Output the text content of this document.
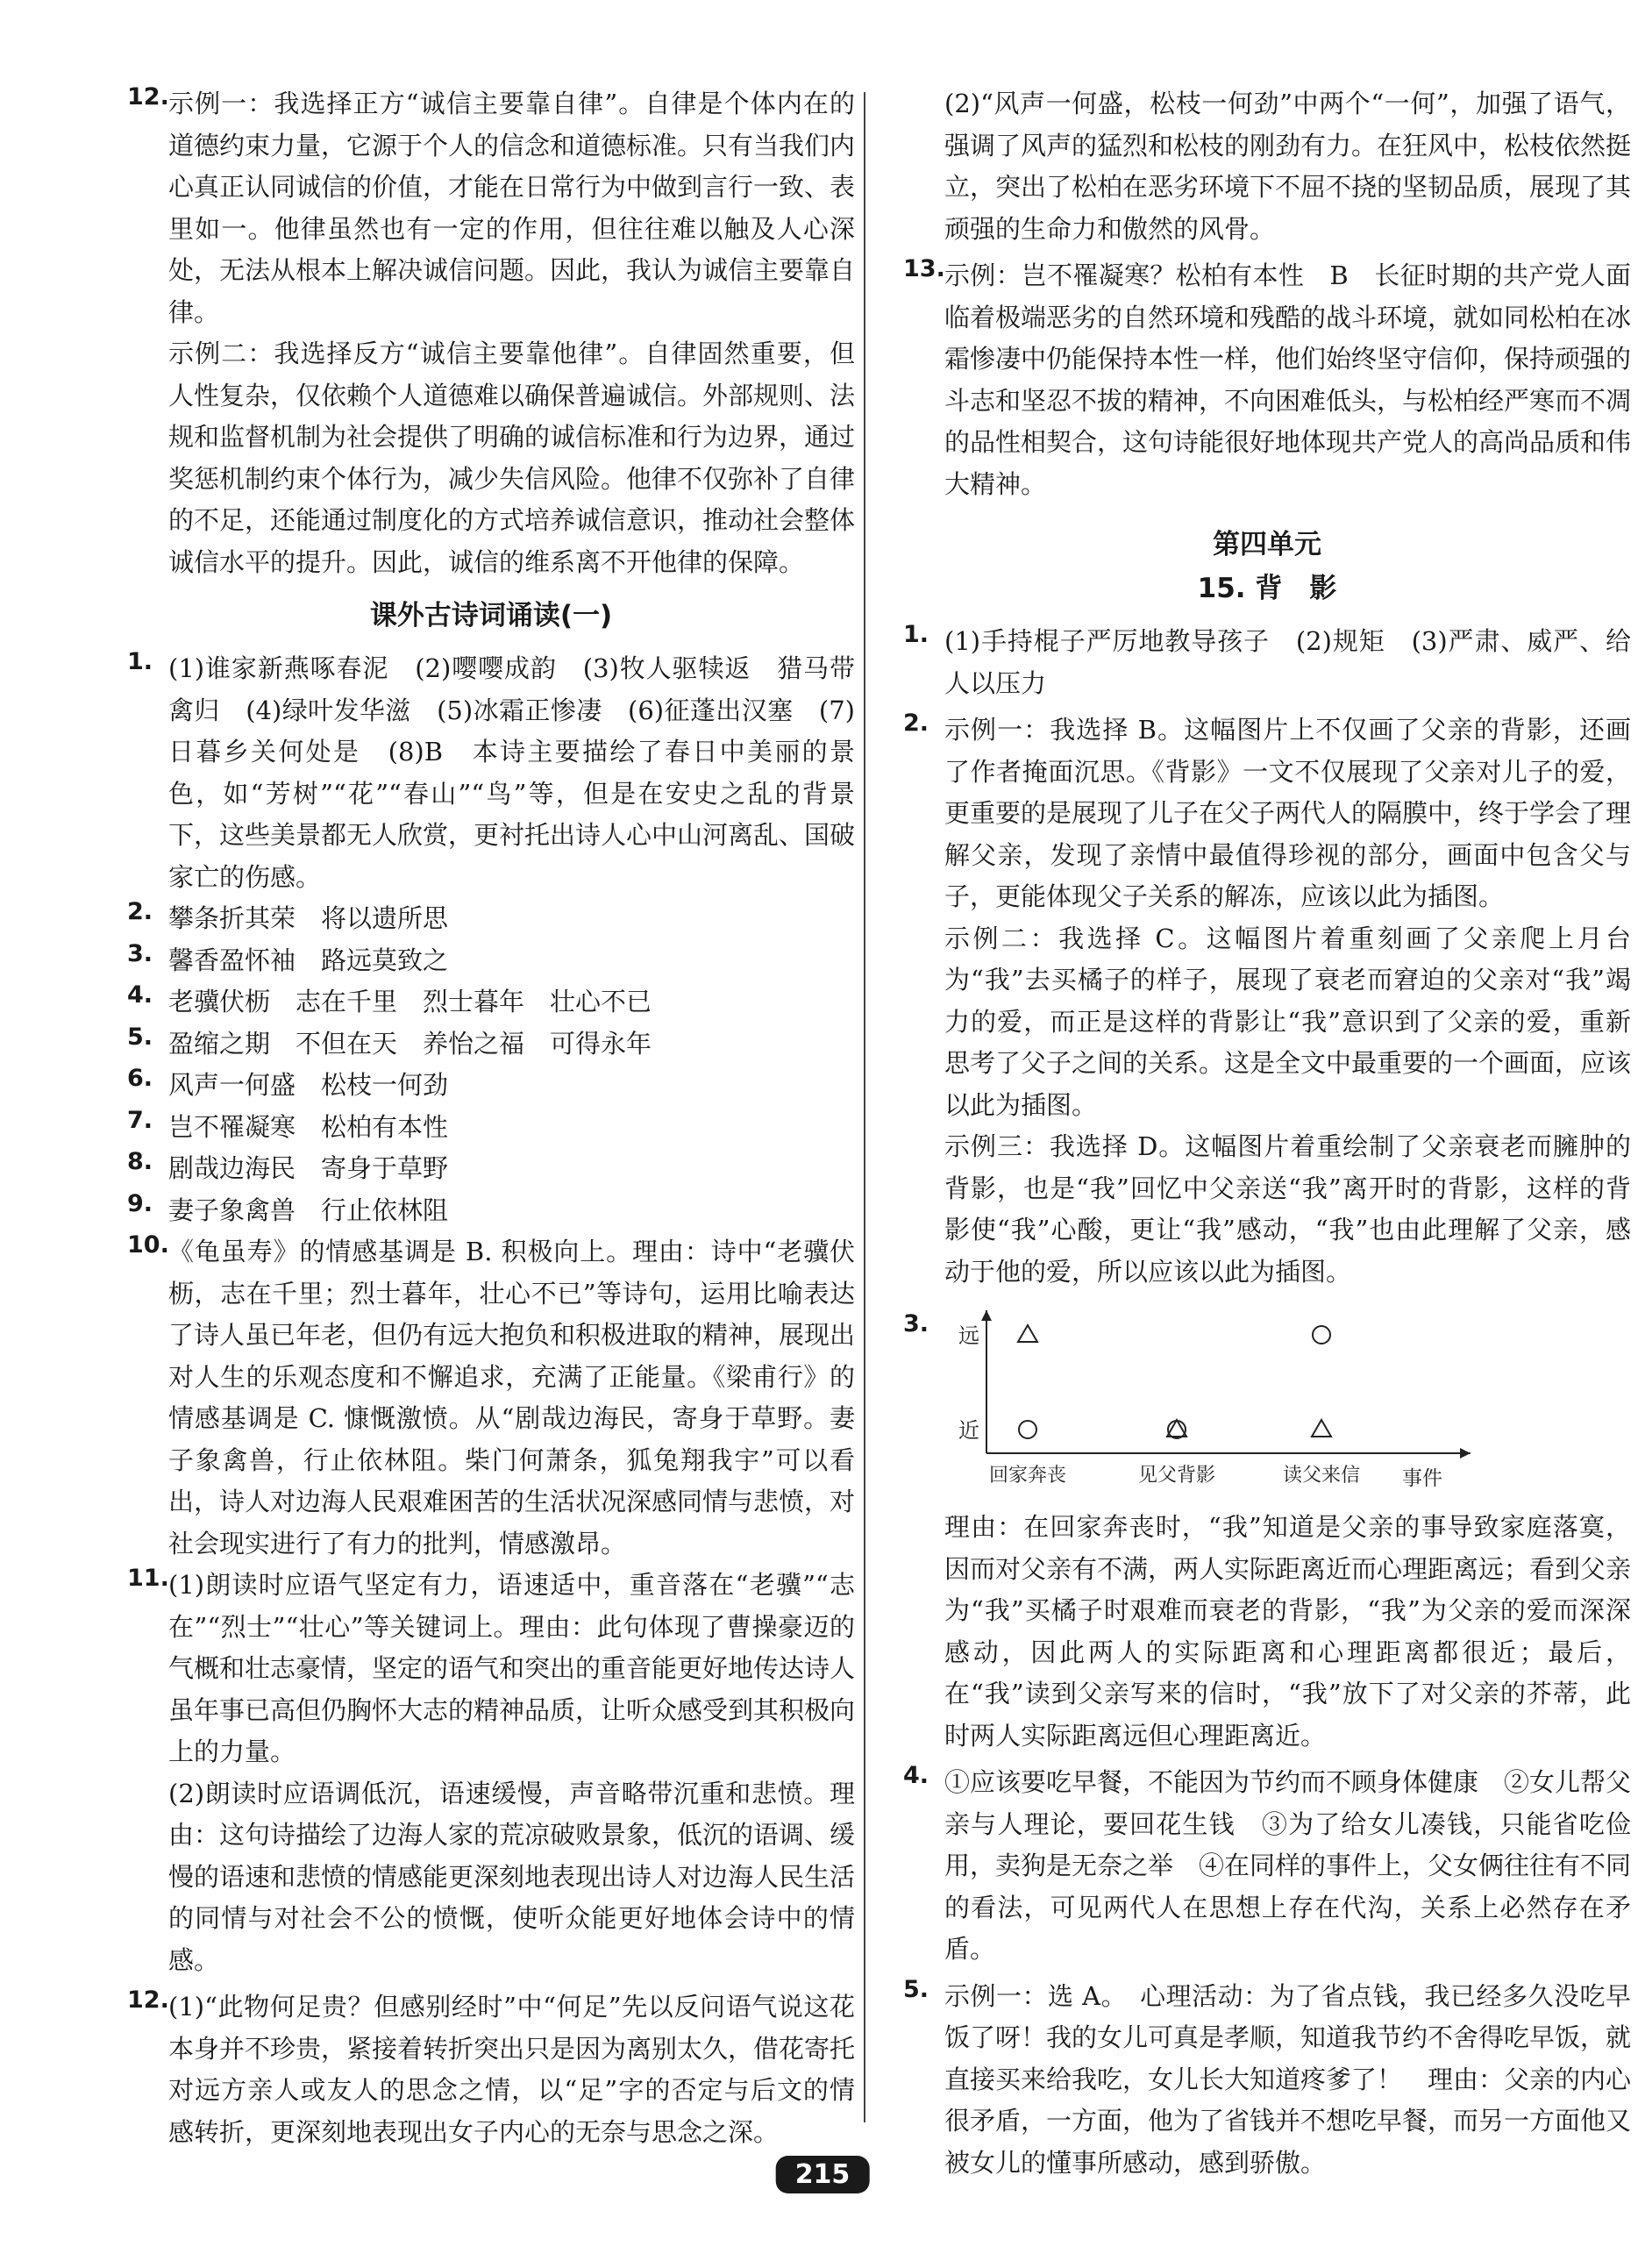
12. 示例一：我选择正方“诚信主要靠自律”。自律是个体内在的道德约束力量，它源于个人的信念和道德标准。只有当我们内心真正认同诚信的价值，才能在日常行为中做到言行一致、表里如一。他律虽然也有一定的作用，但往往难以触及人心深处，无法从根本上解决诚信问题。因此，我认为诚信主要靠自律。

示例二：我选择反方“诚信主要靠他律”。自律固然重要，但人性复杂，仅依赖个人道德难以确保普遍诚信。外部规则、法规和监督机制为社会提供了明确的诚信标准和行为边界，通过奖惩机制约束个体行为，减少失信风险。他律不仅弥补了自律的不足，还能通过制度化的方式培养诚信意识，推动社会整体诚信水平的提升。因此，诚信的维系离不开他律的保障。

课外古诗词诵读(一)
1. (1)谁家新燕啄春泥　(2)嘤嘤成韵　(3)牧人驱犊返　猎马带禽归　(4)绿叶发华滋　(5)冰霜正惨凄　(6)征蓬出汉塞　(7)日暮乡关何处是　(8)B　本诗主要描绘了春日中美丽的景色，如“芳树”“花”“春山”“鸟”等，但是在安史之乱的背景下，这些美景都无人欣赏，更衬托出诗人心中山河离乱、国破家亡的伤感。

2. 攀条折其荣　将以遗所思

3. 馨香盈怀袖　路远莫致之

4. 老骥伏枥　志在千里　烈士暮年　壮心不已

5. 盈缩之期　不但在天　养怡之福　可得永年

6. 风声一何盛　松枝一何劲

7. 岂不罹凝寒　松柏有本性

8. 剧哉边海民　寄身于草野

9. 妻子象禽兽　行止依林阻

10. 《龟虽寿》的情感基调是 B. 积极向上。理由：诗中“老骥伏枥，志在千里；烈士暮年，壮心不已”等诗句，运用比喻表达了诗人虽已年老，但仍有远大抱负和积极进取的精神，展现出对人生的乐观态度和不懈追求，充满了正能量。《梁甫行》的情感基调是 C. 慷慨激愤。从“剧哉边海民，寄身于草野。妻子象禽兽，行止依林阻。柴门何萧条，狐兔翔我宇”可以看出，诗人对边海人民艰难困苦的生活状况深感同情与悲愤，对社会现实进行了有力的批判，情感激昂。

11. (1)朗读时应语气坚定有力，语速适中，重音落在“老骥”“志在”“烈士”“壮心”等关键词上。理由：此句体现了曹操豪迈的气概和壮志豪情，坚定的语气和突出的重音能更好地传达诗人虽年事已高但仍胸怀大志的精神品质，让听众感受到其积极向上的力量。

(2)朗读时应语调低沉，语速缓慢，声音略带沉重和悲愤。理由：这句诗描绘了边海人家的荒凉破败景象，低沉的语调、缓慢的语速和悲愤的情感能更深刻地表现出诗人对边海人民生活的同情与对社会不公的愤慨，使听众能更好地体会诗中的情感。

12. (1)“此物何足贵？但感别经时”中“何足”先以反问语气说这花本身并不珍贵，紧接着转折突出只是因为离别太久，借花寄托对远方亲人或友人的思念之情，以“足”字的否定与后文的情感转折，更深刻地表现出女子内心的无奈与思念之深。

(2)“风声一何盛，松枝一何劲”中两个“一何”，加强了语气，强调了风声的猛烈和松枝的刚劲有力。在狂风中，松枝依然挺立，突出了松柏在恶劣环境下不屈不挠的坚韧品质，展现了其顽强的生命力和傲然的风骨。

13. 示例：岂不罹凝寒？松柏有本性　B　长征时期的共产党人面临着极端恶劣的自然环境和残酷的战斗环境，就如同松柏在冰霜惨凄中仍能保持本性一样，他们始终坚守信仰，保持顽强的斗志和坚忍不拔的精神，不向困难低头，与松柏经严寒而不凋的品性相契合，这句诗能很好地体现共产党人的高尚品质和伟大精神。

第四单元
15. 背　影
1. (1)手持棍子严厉地教导孩子　(2)规矩　(3)严肃、威严、给人以压力

2. 示例一：我选择 B。这幅图片上不仅画了父亲的背影，还画了作者掩面沉思。《背影》一文不仅展现了父亲对儿子的爱，更重要的是展现了儿子在父子两代人的隔膜中，终于学会了理解父亲，发现了亲情中最值得珍视的部分，画面中包含父与子，更能体现父子关系的解冻，应该以此为插图。

示例二：我选择 C。这幅图片着重刻画了父亲爬上月台为“我”去买橘子的样子，展现了衰老而窘迫的父亲对“我”竭力的爱，而正是这样的背影让“我”意识到了父亲的爱，重新思考了父子之间的关系。这是全文中最重要的一个画面，应该以此为插图。

示例三：我选择 D。这幅图片着重绘制了父亲衰老而臃肿的背影，也是“我”回忆中父亲送“我”离开时的背影，这样的背影使“我”心酸，更让“我”感动，“我”也由此理解了父亲，感动于他的爱，所以应该以此为插图。

3.
近
远
回家奔丧	见父背影	读父来信 事件

理由：在回家奔丧时，“我”知道是父亲的事导致家庭落寞，因而对父亲有不满，两人实际距离近而心理距离远；看到父亲为“我”买橘子时艰难而衰老的背影，“我”为父亲的爱而深深感动，因此两人的实际距离和心理距离都很近；最后，在“我”读到父亲写来的信时，“我”放下了对父亲的芥蒂，此时两人实际距离远但心理距离近。

4. ①应该要吃早餐，不能因为节约而不顾身体健康　②女儿帮父亲与人理论，要回花生钱　③为了给女儿凑钱，只能省吃俭用，卖狗是无奈之举　④在同样的事件上，父女俩往往有不同的看法，可见两代人在思想上存在代沟，关系上必然存在矛盾。

5. 示例一：选 A。　心理活动：为了省点钱，我已经多久没吃早饭了呀！我的女儿可真是孝顺，知道我节约不舍得吃早饭，就直接买来给我吃，女儿长大知道疼爹了！　理由：父亲的内心很矛盾，一方面，他为了省钱并不想吃早餐，而另一方面他又被女儿的懂事所感动，感到骄傲。

215
